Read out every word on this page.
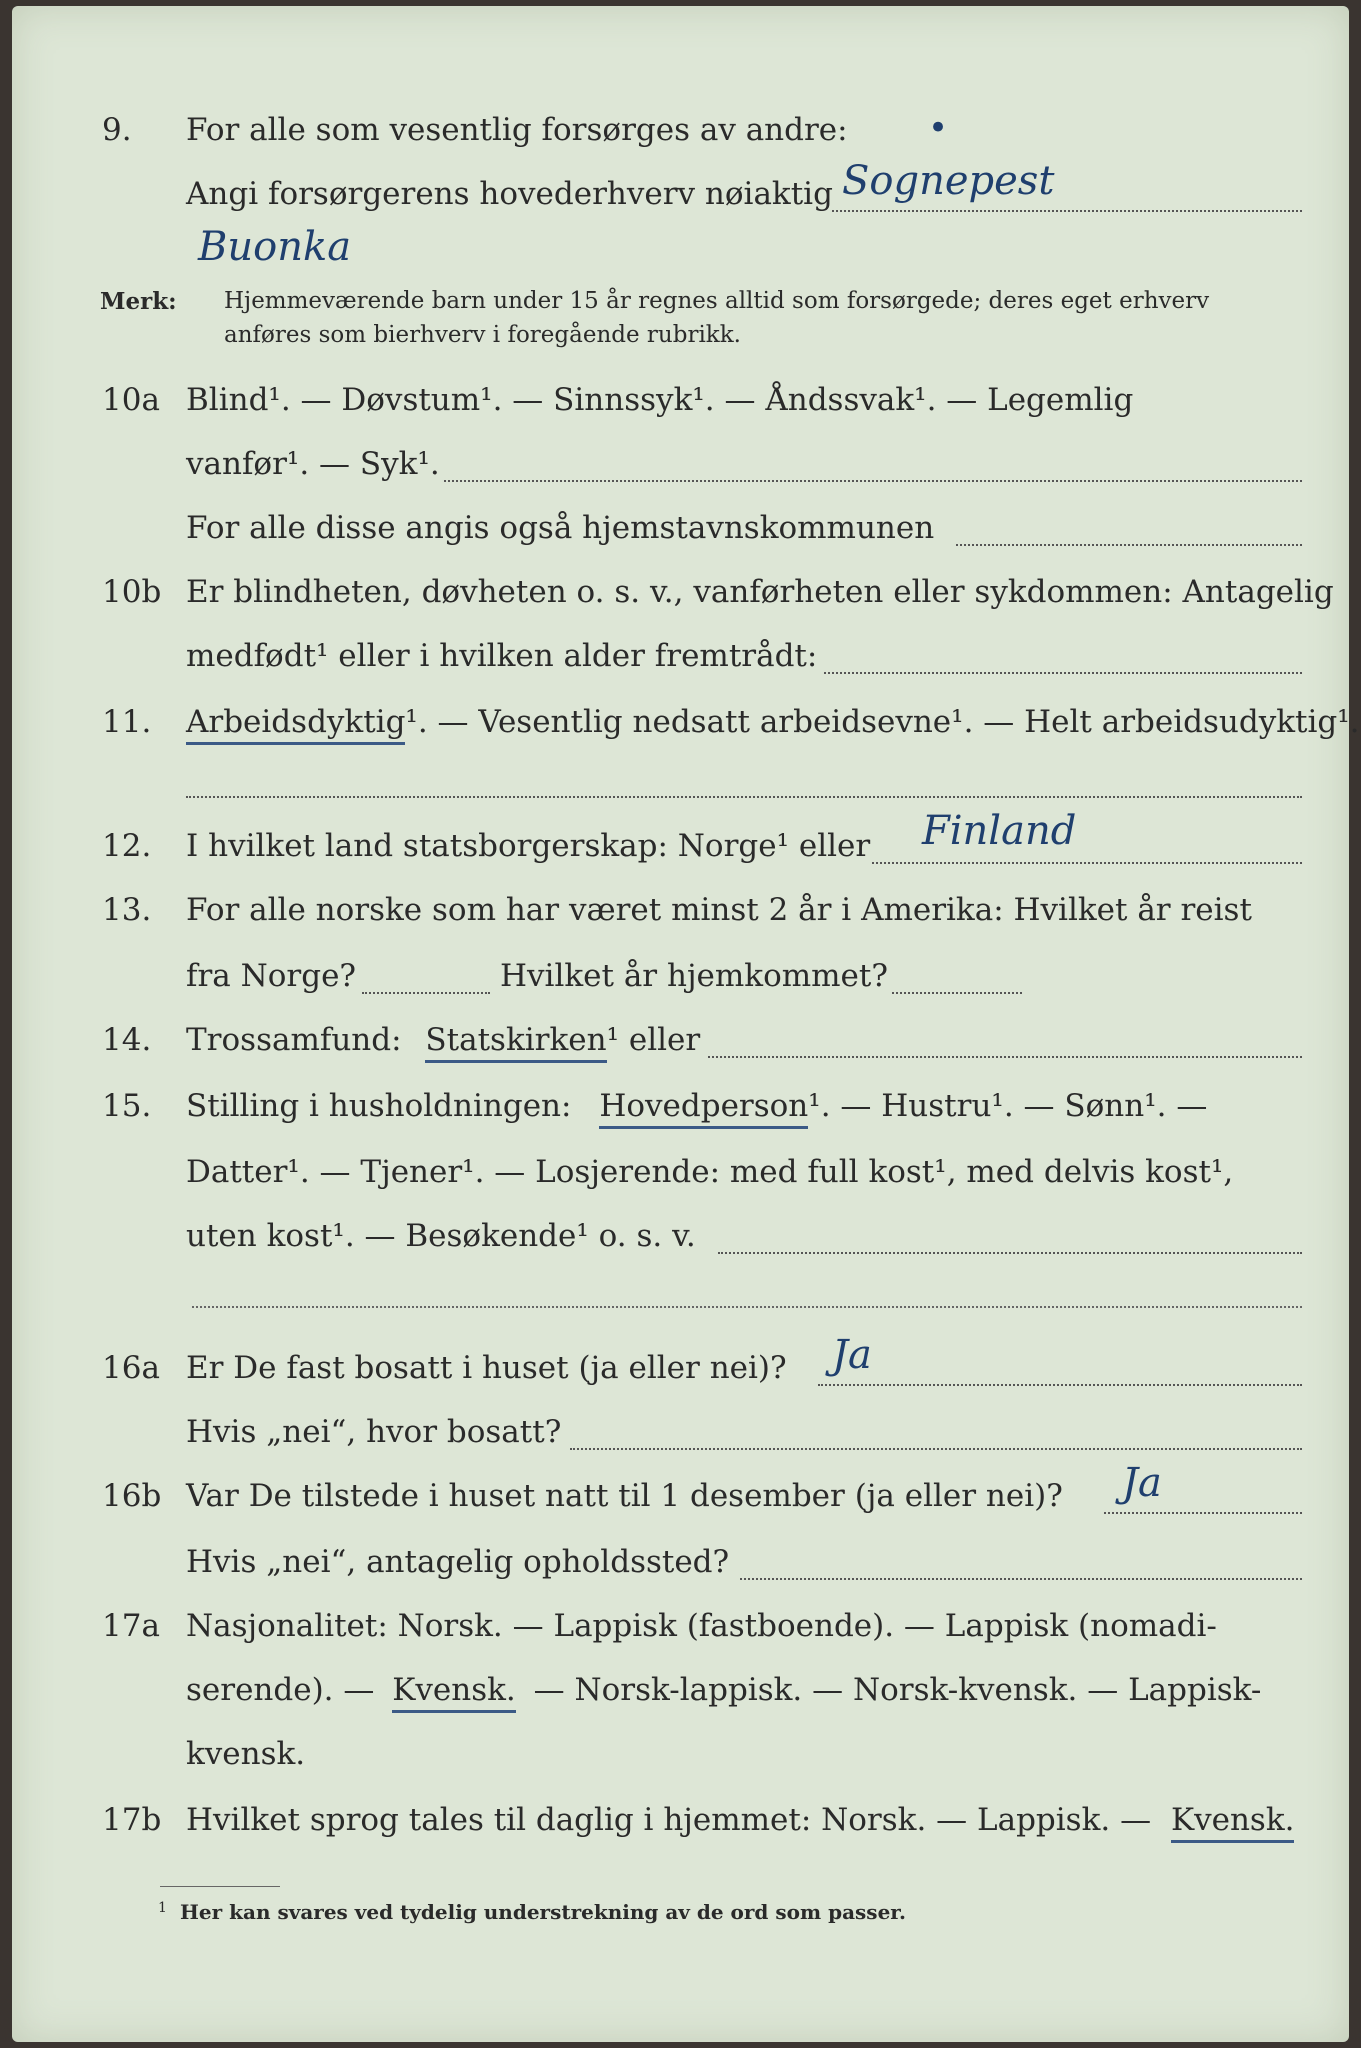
9. For alle som vesentlig forsørges av andre: •
Angi forsørgerens hovederhverv nøiaktig Sognepest
Buonka
Merk: Hjemmeværende barn under 15 år regnes alltid som forsørgede; deres eget erhverv
anføres som bierhverv i foregående rubrikk.
10a Blind¹. — Døvstum¹. — Sinnssyk¹. — Åndssvak¹. — Legemlig
vanfør¹. — Syk¹.
For alle disse angis også hjemstavnskommunen
10b Er blindheten, døvheten o. s. v., vanførheten eller sykdommen: Antagelig
medfødt¹ eller i hvilken alder fremtrådt:
11. Arbeidsdyktig¹. — Vesentlig nedsatt arbeidsevne¹. — Helt arbeidsudyktig¹.
12. I hvilket land statsborgerskap: Norge¹ eller Finland
13. For alle norske som har været minst 2 år i Amerika: Hvilket år reist
fra Norge?	Hvilket år hjemkommet?
14. Trossamfund: Statskirken¹ eller
15. Stilling i husholdningen: Hovedperson¹. — Hustru¹. — Sønn¹. —
Datter¹. — Tjener¹. — Losjerende: med full kost¹, med delvis kost¹,
uten kost¹. — Besøkende¹ o. s. v.
16a Er De fast bosatt i huset (ja eller nei)? Ja
Hvis „nei“, hvor bosatt?
16b Var De tilstede i huset natt til 1 desember (ja eller nei)? Ja
Hvis „nei“, antagelig opholdssted?
17a Nasjonalitet: Norsk. — Lappisk (fastboende). — Lappisk (nomadi-
serende). — Kvensk. — Norsk-lappisk. — Norsk-kvensk. — Lappisk-
kvensk.
17b Hvilket sprog tales til daglig i hjemmet: Norsk. — Lappisk. — Kvensk.
1 Her kan svares ved tydelig understrekning av de ord som passer.
